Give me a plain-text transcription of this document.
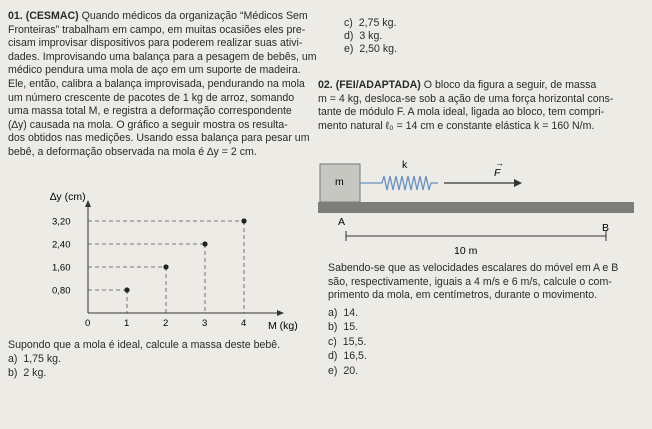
01. (CESMAC) Quando médicos da organização “Médicos Sem
Fronteiras” trabalham em campo, em muitas ocasiões eles pre-
cisam improvisar dispositivos para poderem realizar suas ativi-
dades. Improvisando uma balança para a pesagem de bebês, um
médico pendura uma mola de aço em um suporte de madeira.
Ele, então, calibra a balança improvisada, pendurando na mola
um número crescente de pacotes de 1 kg de arroz, somando
uma massa total M, e registra a deformação correspondente
(∆y) causada na mola. O gráfico a seguir mostra os resulta-
dos obtidos nas medições. Usando essa balança para pesar um
bebê, a deformação observada na mola é ∆y = 2 cm.
∆y (cm)
M (kg)
0	1	2	3	4
0,80
1,60
2,40
3,20
Supondo que a mola é ideal, calcule a massa deste bebê.
a) 1,75 kg.
b) 2 kg.
c) 2,75 kg.
d) 3 kg.
e) 2,50 kg.
02. (FEI/ADAPTADA) O bloco da figura a seguir, de massa
m = 4 kg, desloca-se sob a ação de uma força horizontal cons-
tante de módulo F. A mola ideal, ligada ao bloco, tem compri-
mento natural ℓ₀ = 14 cm e constante elástica k = 160 N/m.
m
k
F
→
A	B
10 m
Sabendo-se que as velocidades escalares do móvel em A e B
são, respectivamente, iguais a 4 m/s e 6 m/s, calcule o com-
primento da mola, em centímetros, durante o movimento.
a) 14.
b) 15.
c) 15,5.
d) 16,5.
e) 20.
